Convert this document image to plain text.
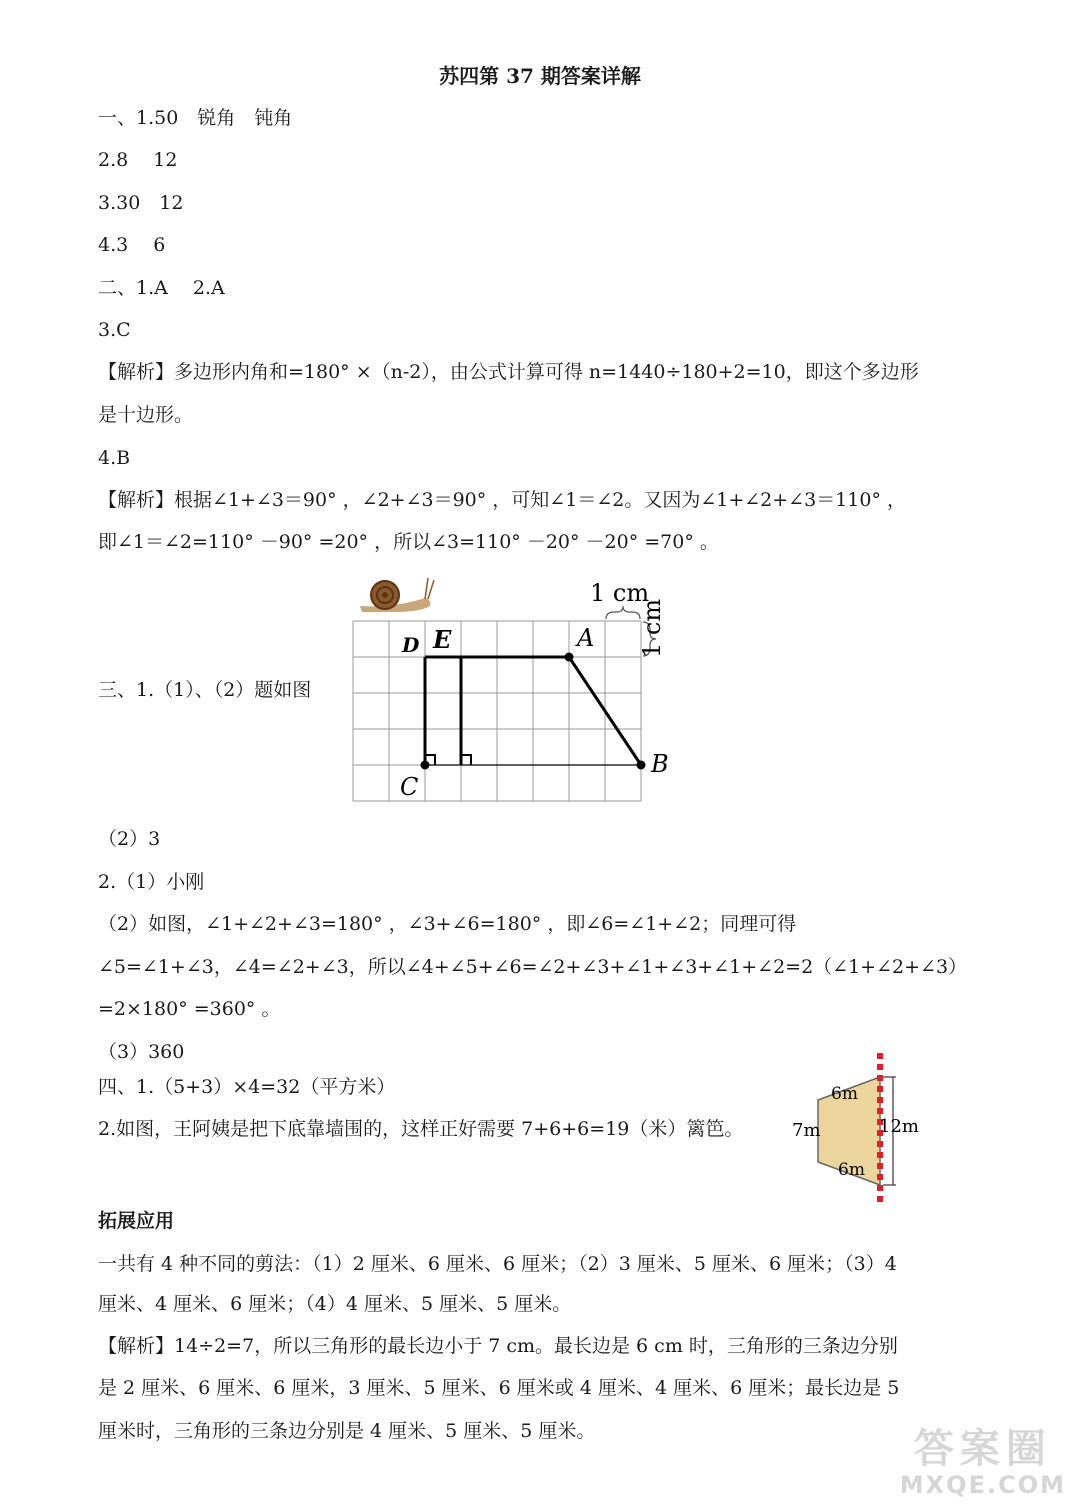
苏四第 37 期答案详解
一、1.50　锐角　钝角
2.8　 12
3.30　12
4.3　 6
二、1.A　 2.A
3.C
【解析】多边形内角和=180° ×（n-2），由公式计算可得 n=1440÷180+2=10，即这个多边形
是十边形。
4.B
【解析】根据∠1+∠3＝90° ，∠2+∠3＝90° ，可知∠1＝∠2。又因为∠1+∠2+∠3＝110° ，
即∠1＝∠2=110° －90° =20° ，所以∠3=110° －20° －20° =70° 。
三、1.（1）、（2）题如图
（2）3
2.（1）小刚
（2）如图，∠1+∠2+∠3=180° ，∠3+∠6=180° ，即∠6=∠1+∠2；同理可得
∠5=∠1+∠3，∠4=∠2+∠3，所以∠4+∠5+∠6=∠2+∠3+∠1+∠3+∠1+∠2=2（∠1+∠2+∠3）
=2×180° =360° 。
（3）360
四、1.（5+3）×4=32（平方米）
2.如图，王阿姨是把下底靠墙围的，这样正好需要 7+6+6=19（米）篱笆。
拓展应用
一共有 4 种不同的剪法：（1）2 厘米、6 厘米、6 厘米；（2）3 厘米、5 厘米、6 厘米；（3）4
厘米、4 厘米、6 厘米；（4）4 厘米、5 厘米、5 厘米。
【解析】14÷2=7，所以三角形的最长边小于 7 cm。最长边是 6 cm 时，三角形的三条边分别
是 2 厘米、6 厘米、6 厘米，3 厘米、5 厘米、6 厘米或 4 厘米、4 厘米、6 厘米；最长边是 5
厘米时，三角形的三条边分别是 4 厘米、5 厘米、5 厘米。
D E	A
B
C
1 cm
1 cm
6m
7m
6m
12m
答案圈
MXQE.COM
